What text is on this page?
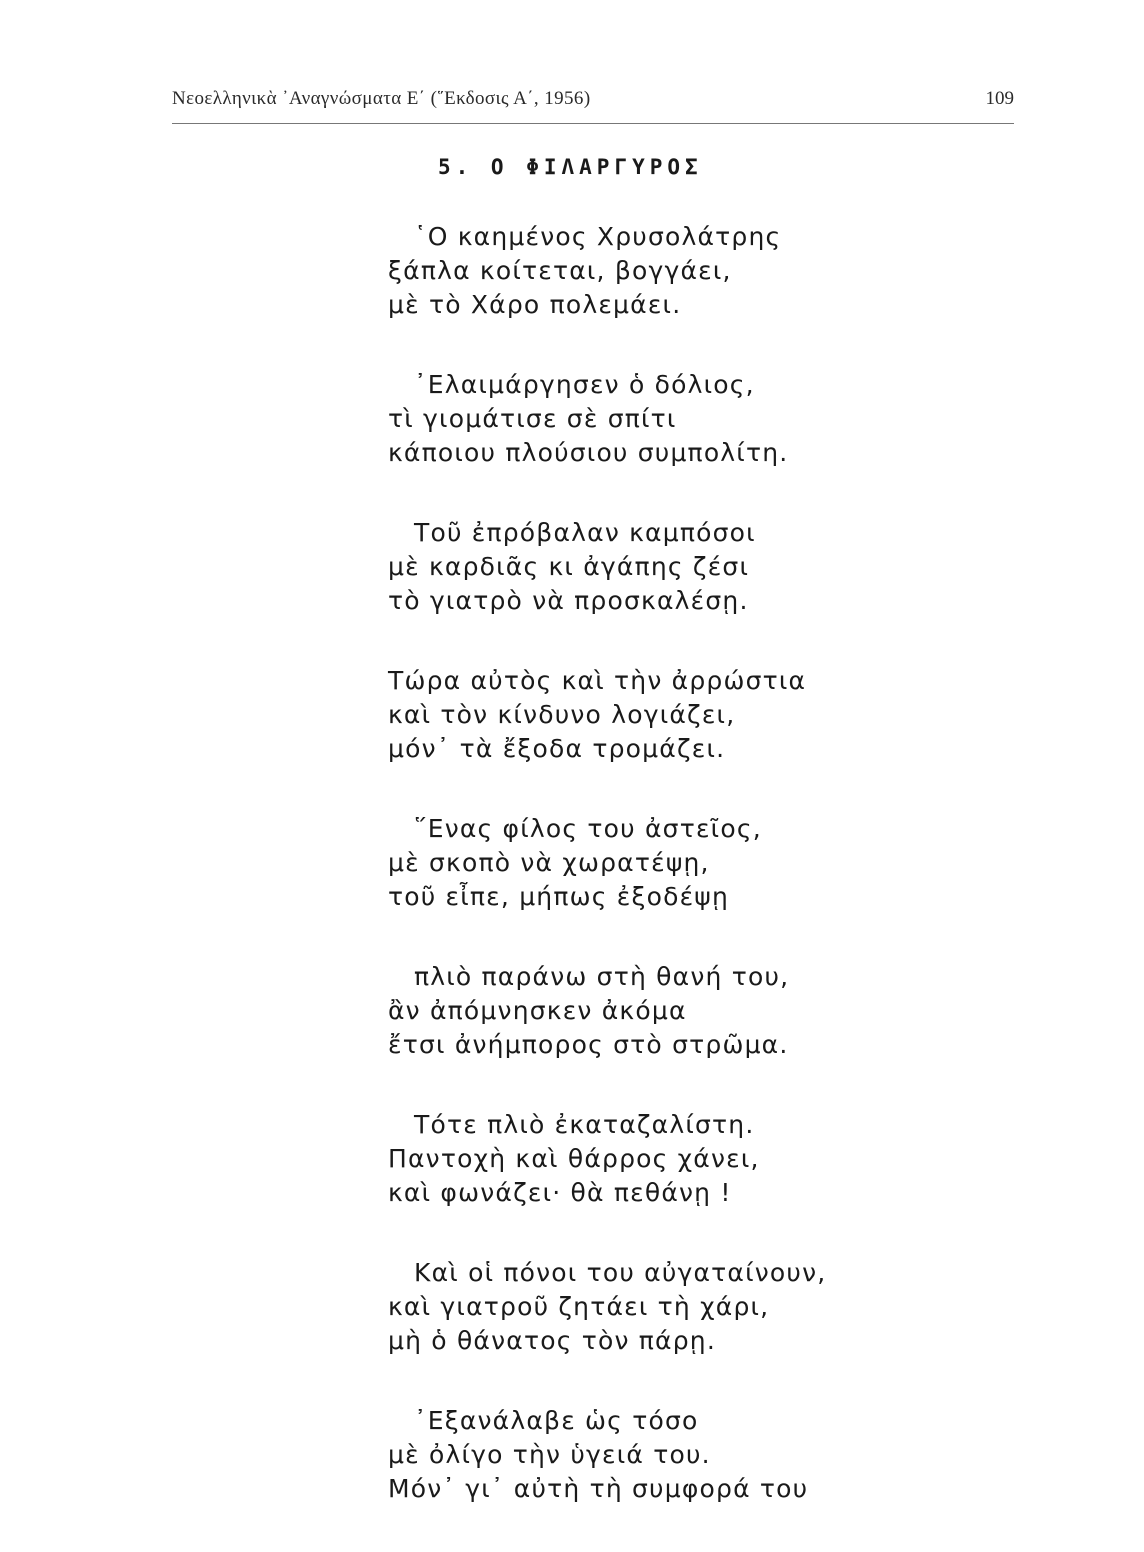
Νεοελληνικὰ ᾿Αναγνώσματα Ε΄ (῞Εκδοσις Α΄, 1956)	109
5. Ο ΦΙΛΑΡΓΥΡΟΣ
῾Ο καημένος Χρυσολάτρης
ξάπλα κοίτεται, βογγάει,
μὲ τὸ Χάρο πολεμάει.
᾿Ελαιμάργησεν ὁ δόλιος,
τὶ γιομάτισε σὲ σπίτι
κάποιου πλούσιου συμπολίτη.
Τοῦ ἐπρόβαλαν καμπόσοι
μὲ καρδιᾶς κι ἀγάπης ζέσι
τὸ γιατρὸ νὰ προσκαλέσῃ.
Τώρα αὐτὸς καὶ τὴν ἀρρώστια
καὶ τὸν κίνδυνο λογιάζει,
μόν᾿ τὰ ἔξοδα τρομάζει.
῞Ενας φίλος του ἀστεῖος,
μὲ σκοπὸ νὰ χωρατέψῃ,
τοῦ εἶπε, μήπως ἐξοδέψῃ
πλιὸ παράνω στὴ θανή του,
ἂν ἀπόμνησκεν ἀκόμα
ἔτσι ἀνήμπορος στὸ στρῶμα.
Τότε πλιὸ ἐκαταζαλίστη.
Παντοχὴ καὶ θάρρος χάνει,
καὶ φωνάζει· θὰ πεθάνῃ !
Καὶ οἱ πόνοι του αὐγαταίνουν,
καὶ γιατροῦ ζητάει τὴ χάρι,
μὴ ὁ θάνατος τὸν πάρῃ.
᾿Εξανάλαβε ὡς τόσο
μὲ ὀλίγο τὴν ὑγειά του.
Μόν᾿ γι᾿ αὐτὴ τὴ συμφορά του
